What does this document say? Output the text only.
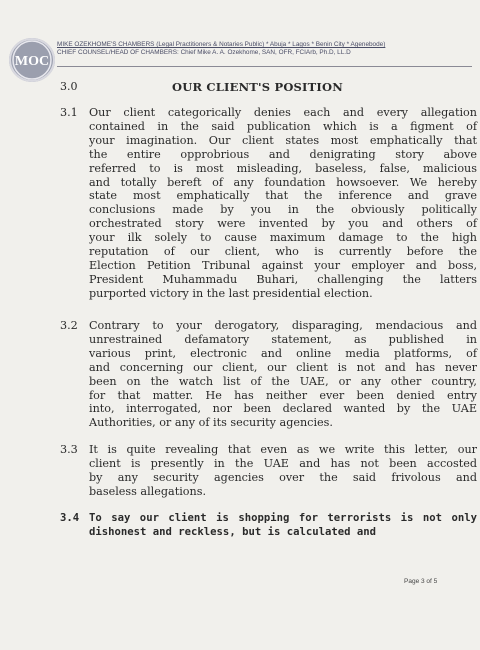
MOC
MIKE OZEKHOME'S CHAMBERS (Legal Practitioners & Notaries Public) * Abuja * Lagos * Benin City * Agenebode)
CHIEF COUNSEL/HEAD OF CHAMBERS: Chief Mike A. A. Ozekhome, SAN, OFR, FCIArb, Ph.D, LL.D
3.0	OUR CLIENT'S POSITION
3.1 Our client categorically denies each and every allegation
contained in the said publication which is a figment of
your imagination. Our client states most emphatically that
the entire opprobrious and denigrating story above
referred to is most misleading, baseless, false, malicious
and totally bereft of any foundation howsoever. We hereby
state most emphatically that the inference and grave
conclusions made by you in the obviously politically
orchestrated story were invented by you and others of
your ilk solely to cause maximum damage to the high
reputation of our client, who is currently before the
Election Petition Tribunal against your employer and boss,
President Muhammadu Buhari, challenging the latters
purported victory in the last presidential election.
3.2 Contrary to your derogatory, disparaging, mendacious and
unrestrained defamatory statement, as published in
various print, electronic and online media platforms, of
and concerning our client, our client is not and has never
been on the watch list of the UAE, or any other country,
for that matter. He has neither ever been denied entry
into, interrogated, nor been declared wanted by the UAE
Authorities, or any of its security agencies.
3.3 It is quite revealing that even as we write this letter, our
client is presently in the UAE and has not been accosted
by any security agencies over the said frivolous and
baseless allegations.
3.4 To say our client is shopping for terrorists is not only
dishonest and reckless, but is calculated and
Page 3 of 5
